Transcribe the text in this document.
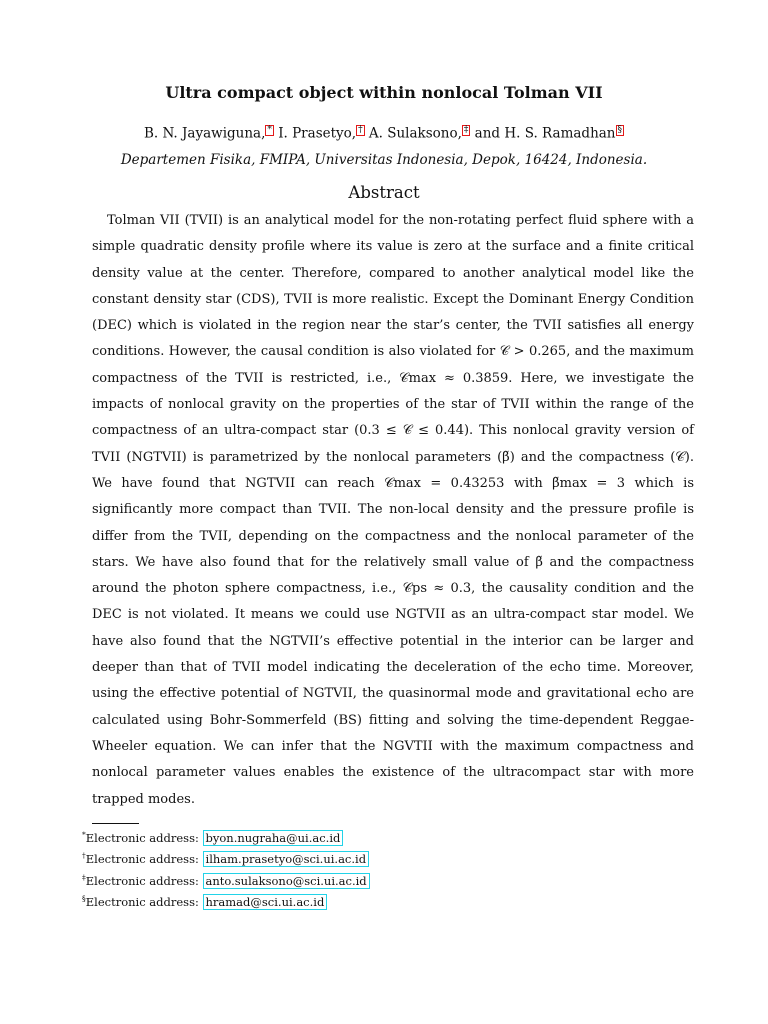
Ultra compact object within nonlocal Tolman VII
B. N. Jayawiguna, * I. Prasetyo, † A. Sulaksono, ‡ and H. S. Ramadhan §
Departemen Fisika, FMIPA, Universitas Indonesia, Depok, 16424, Indonesia.
Abstract

Tolman VII (TVII) is an analytical model for the non-rotating perfect fluid sphere with a simple quadratic density profile where its value is zero at the surface and a finite critical density value at the center. Therefore, compared to another analytical model like the constant density star (CDS), TVII is more realistic. Except the Dominant Energy Condition (DEC) which is violated in the region near the star’s center, the TVII satisfies all energy conditions. However, the causal condition is also violated for 𝒞 > 0.265, and the maximum compactness of the TVII is restricted, i.e., 𝒞max ≈ 0.3859. Here, we investigate the impacts of nonlocal gravity on the properties of the star of TVII within the range of the compactness of an ultra-compact star (0.3 ≤ 𝒞 ≤ 0.44). This nonlocal gravity version of TVII (NGTVII) is parametrized by the nonlocal parameters (β̃) and the compactness (𝒞). We have found that NGTVII can reach 𝒞max = 0.43253 with β̃max = 3 which is significantly more compact than TVII. The non-local density and the pressure profile is differ from the TVII, depending on the compactness and the nonlocal parameter of the stars. We have also found that for the relatively small value of β̃ and the compactness around the photon sphere compactness, i.e., 𝒞ps ≈ 0.3, the causality condition and the DEC is not violated. It means we could use NGTVII as an ultra-compact star model. We have also found that the NGTVII’s effective potential in the interior can be larger and deeper than that of TVII model indicating the deceleration of the echo time. Moreover, using the effective potential of NGTVII, the quasinormal mode and gravitational echo are calculated using Bohr-Sommerfeld (BS) fitting and solving the time-dependent Reggae-Wheeler equation. We can infer that the NGVTII with the maximum compactness and nonlocal parameter values enables the existence of the ultracompact star with more trapped modes.

*Electronic address: byon.nugraha@ui.ac.id
†Electronic address: ilham.prasetyo@sci.ui.ac.id
‡Electronic address: anto.sulaksono@sci.ui.ac.id
§Electronic address: hramad@sci.ui.ac.id
